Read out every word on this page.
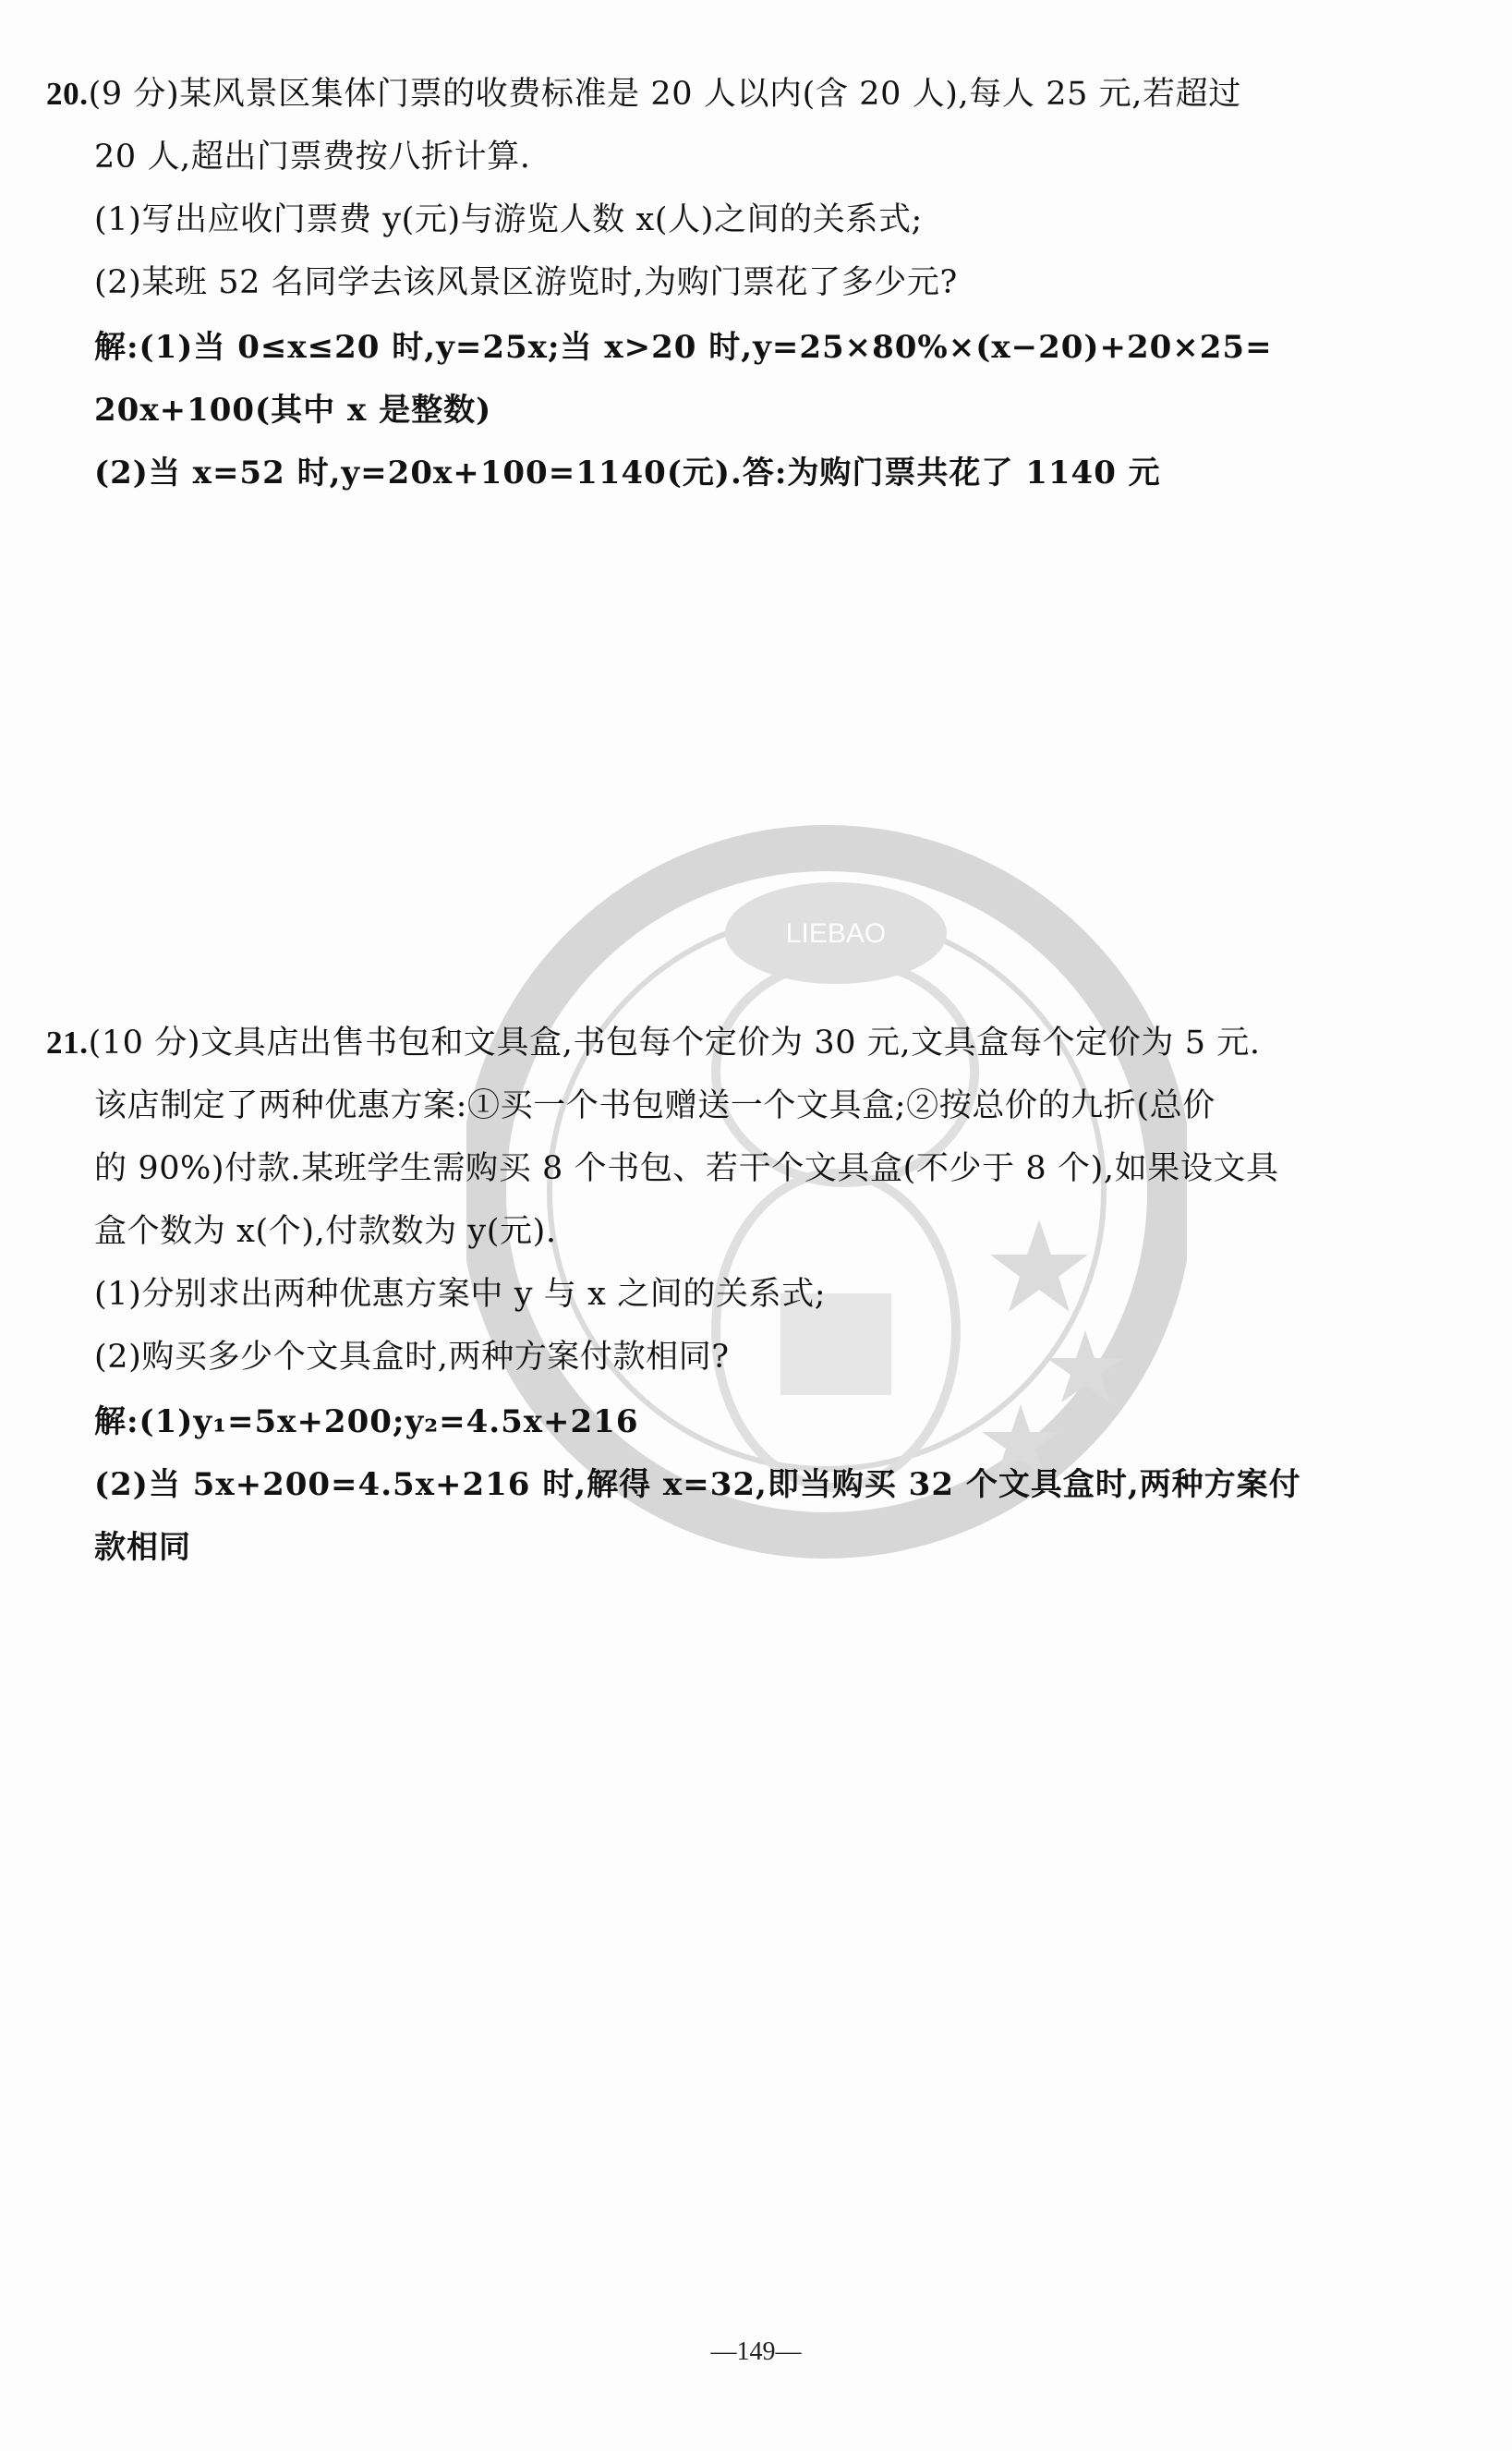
LIEBAO
20.(9 分)某风景区集体门票的收费标准是 20 人以内(含 20 人),每人 25 元,若超过
20 人,超出门票费按八折计算.
(1)写出应收门票费 y(元)与游览人数 x(人)之间的关系式;
(2)某班 52 名同学去该风景区游览时,为购门票花了多少元?
解:(1)当 0≤x≤20 时,y=25x;当 x>20 时,y=25×80%×(x−20)+20×25=
20x+100(其中 x 是整数)
(2)当 x=52 时,y=20x+100=1140(元).答:为购门票共花了 1140 元
21.(10 分)文具店出售书包和文具盒,书包每个定价为 30 元,文具盒每个定价为 5 元.
该店制定了两种优惠方案:①买一个书包赠送一个文具盒;②按总价的九折(总价
的 90%)付款.某班学生需购买 8 个书包、若干个文具盒(不少于 8 个),如果设文具
盒个数为 x(个),付款数为 y(元).
(1)分别求出两种优惠方案中 y 与 x 之间的关系式;
(2)购买多少个文具盒时,两种方案付款相同?
解:(1)y₁=5x+200;y₂=4.5x+216
(2)当 5x+200=4.5x+216 时,解得 x=32,即当购买 32 个文具盒时,两种方案付
款相同
—149—
